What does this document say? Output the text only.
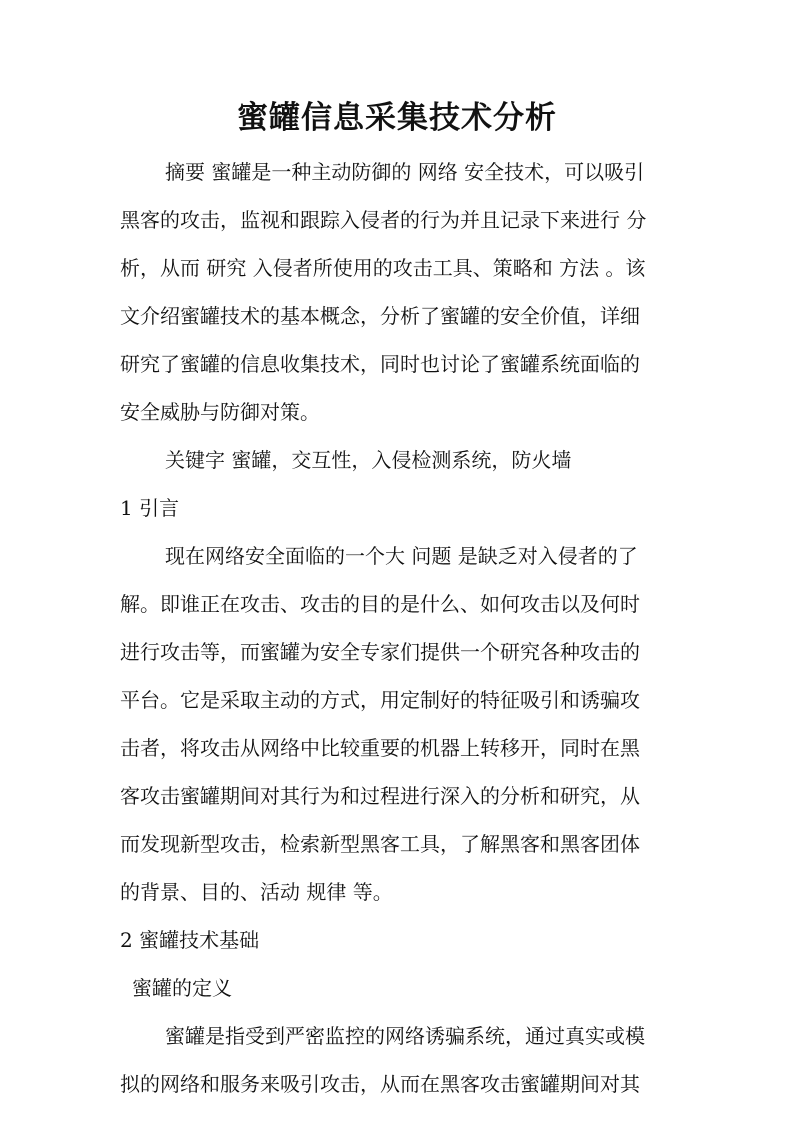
蜜罐信息采集技术分析
摘要 蜜罐是一种主动防御的 网络 安全技术，可以吸引
黑客的攻击，监视和跟踪入侵者的行为并且记录下来进行 分
析，从而 研究 入侵者所使用的攻击工具、策略和 方法 。该
文介绍蜜罐技术的基本概念，分析了蜜罐的安全价值，详细
研究了蜜罐的信息收集技术，同时也讨论了蜜罐系统面临的
安全威胁与防御对策。
关键字 蜜罐，交互性，入侵检测系统，防火墙
1 引言
现在网络安全面临的一个大 问题 是缺乏对入侵者的了
解。即谁正在攻击、攻击的目的是什么、如何攻击以及何时
进行攻击等，而蜜罐为安全专家们提供一个研究各种攻击的
平台。它是采取主动的方式，用定制好的特征吸引和诱骗攻
击者，将攻击从网络中比较重要的机器上转移开，同时在黑
客攻击蜜罐期间对其行为和过程进行深入的分析和研究，从
而发现新型攻击，检索新型黑客工具，了解黑客和黑客团体
的背景、目的、活动 规律 等。
2 蜜罐技术基础
蜜罐的定义
蜜罐是指受到严密监控的网络诱骗系统，通过真实或模
拟的网络和服务来吸引攻击，从而在黑客攻击蜜罐期间对其
